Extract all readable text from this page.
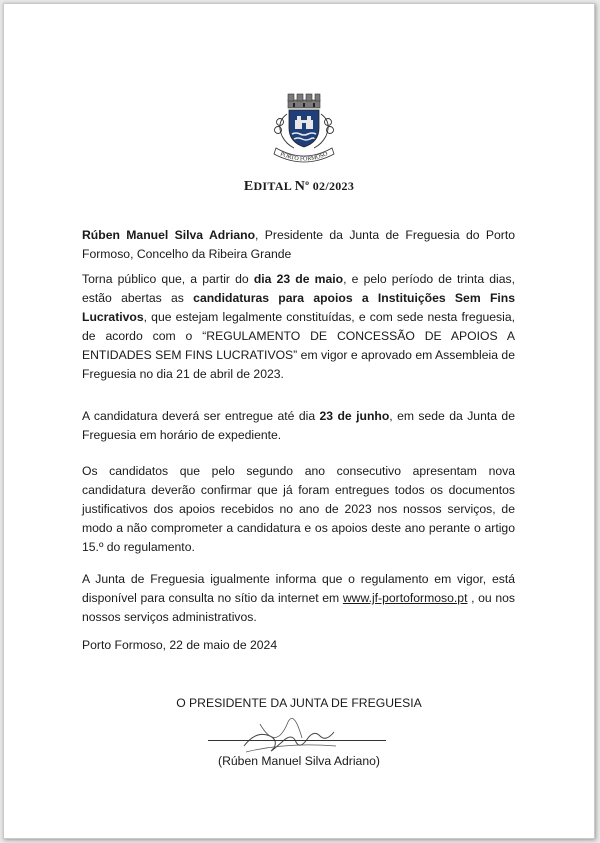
PORTO FORMOSO
EDITAL Nº 02/2023

Rúben Manuel Silva Adriano, Presidente da Junta de Freguesia do Porto Formoso, Concelho da Ribeira Grande

Torna público que, a partir do dia 23 de maio, e pelo período de trinta dias, estão abertas as candidaturas para apoios a Instituições Sem Fins Lucrativos, que estejam legalmente constituídas, e com sede nesta freguesia, de acordo com o “REGULAMENTO DE CONCESSÃO DE APOIOS A ENTIDADES SEM FINS LUCRATIVOS” em vigor e aprovado em Assembleia de Freguesia no dia 21 de abril de 2023.

A candidatura deverá ser entregue até dia 23 de junho, em sede da Junta de Freguesia em horário de expediente.

Os candidatos que pelo segundo ano consecutivo apresentam nova candidatura deverão confirmar que já foram entregues todos os documentos justificativos dos apoios recebidos no ano de 2023 nos nossos serviços, de modo a não comprometer a candidatura e os apoios deste ano perante o artigo 15.º do regulamento.

A Junta de Freguesia igualmente informa que o regulamento em vigor, está disponível para consulta no sítio da internet em www.jf-portoformoso.pt , ou nos nossos serviços administrativos.

Porto Formoso, 22 de maio de 2024

O PRESIDENTE DA JUNTA DE FREGUESIA
(Rúben Manuel Silva Adriano)
